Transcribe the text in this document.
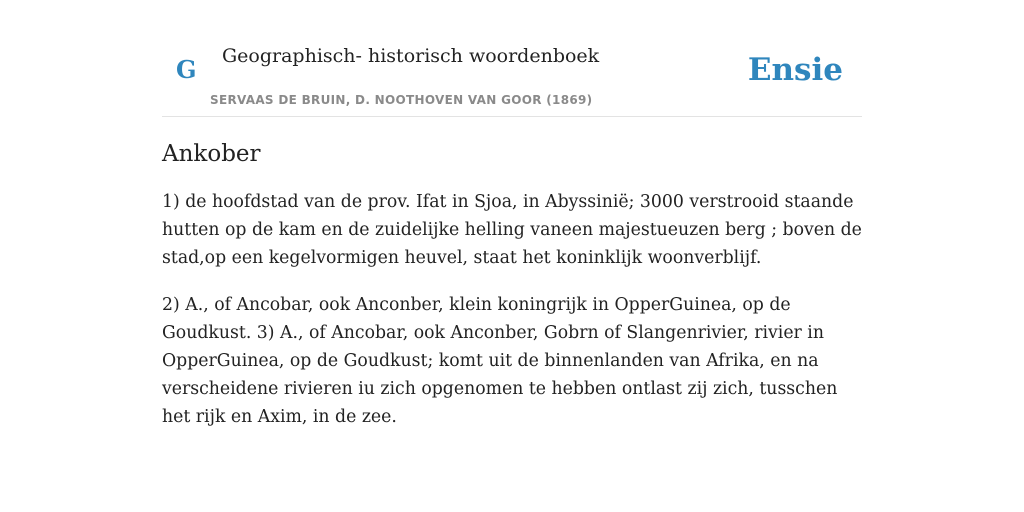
G Geographisch- historisch woordenboek
SERVAAS DE BRUIN, D. NOOTHOVEN VAN GOOR (1869)
Ensie
Ankober

1) de hoofdstad van de prov. Ifat in Sjoa, in Abyssinië; 3000 verstrooid staande hutten op de kam en de zuidelijke helling vaneen majestueuzen berg ; boven de stad,op een kegelvormigen heuvel, staat het koninklijk woonverblijf.

2) A., of Ancobar, ook Anconber, klein koningrijk in OpperGuinea, op de Goudkust. 3) A., of Ancobar, ook Anconber, Gobrn of Slangenrivier, rivier in OpperGuinea, op de Goudkust; komt uit de binnenlanden van Afrika, en na verscheidene rivieren iu zich opgenomen te hebben ontlast zij zich, tusschen het rijk en Axim, in de zee.
